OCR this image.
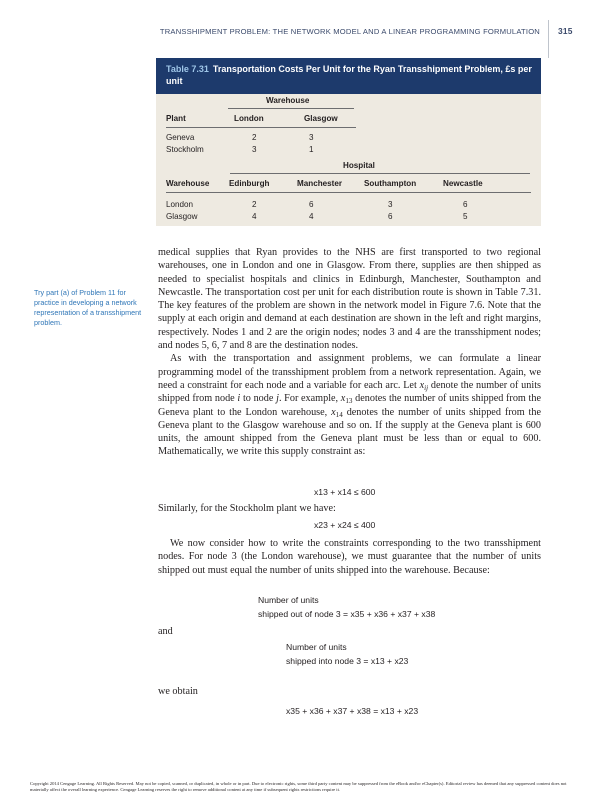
TRANSSHIPMENT PROBLEM: THE NETWORK MODEL AND A LINEAR PROGRAMMING FORMULATION 315
Table 7.31 Transportation Costs Per Unit for the Ryan Transshipment Problem, £s per unit
Warehouse
Plant	London	Glasgow
Geneva	2	3
Stockholm	3	1
Hospital
Warehouse Edinburgh	Manchester	Southampton	Newcastle
London	2	6	3	6
Glasgow	4	4	6	5
Try part (a) of Problem 11 for practice in developing a network representation of a transshipment problem.

medical supplies that Ryan provides to the NHS are first transported to two regional warehouses, one in London and one in Glasgow. From there, supplies are then shipped as needed to specialist hospitals and clinics in Edinburgh, Manchester, Southampton and Newcastle. The transportation cost per unit for each distribution route is shown in Table 7.31. The key features of the problem are shown in the network model in Figure 7.6. Note that the supply at each origin and demand at each destination are shown in the left and right margins, respectively. Nodes 1 and 2 are the origin nodes; nodes 3 and 4 are the transshipment nodes; and nodes 5, 6, 7 and 8 are the destination nodes.

As with the transportation and assignment problems, we can formulate a linear programming model of the transshipment problem from a network representation. Again, we need a constraint for each node and a variable for each arc. Let $x_{ij}$ denote the number of units shipped from node i to node j. For example, $x_{13}$ denotes the number of units shipped from the Geneva plant to the London warehouse, $x_{14}$ denotes the number of units shipped from the Geneva plant to the Glasgow warehouse and so on. If the supply at the Geneva plant is 600 units, the amount shipped from the Geneva plant must be less than or equal to 600. Mathematically, we write this supply constraint as:

x13 + x14 ≤ 600
Similarly, for the Stockholm plant we have:
x23 + x24 ≤ 400

We now consider how to write the constraints corresponding to the two transshipment nodes. For node 3 (the London warehouse), we must guarantee that the number of units shipped out must equal the number of units shipped into the warehouse. Because:

Number of units
shipped out of node 3 = x35 + x36 + x37 + x38
and
Number of units
shipped into node 3 = x13 + x23
we obtain
x35 + x36 + x37 + x38 = x13 + x23
Copyright 2014 Cengage Learning. All Rights Reserved. May not be copied, scanned, or duplicated, in whole or in part. Due to electronic rights, some third party content may be suppressed from the eBook and/or eChapter(s). Editorial review has deemed that any suppressed content does not materially affect the overall learning experience. Cengage Learning reserves the right to remove additional content at any time if subsequent rights restrictions require it.
